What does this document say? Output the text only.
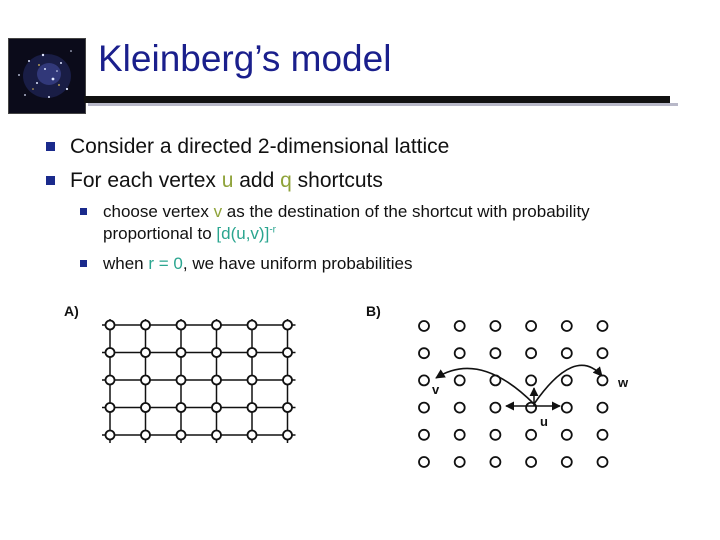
Kleinberg’s model
Consider a directed 2-dimensional lattice
For each vertex u add q shortcuts
choose vertex v as the destination of the shortcut with probability
proportional to $[d(u,v)]^{-r}$
when r = 0, we have uniform probabilities
A)	B)
v
u
w
